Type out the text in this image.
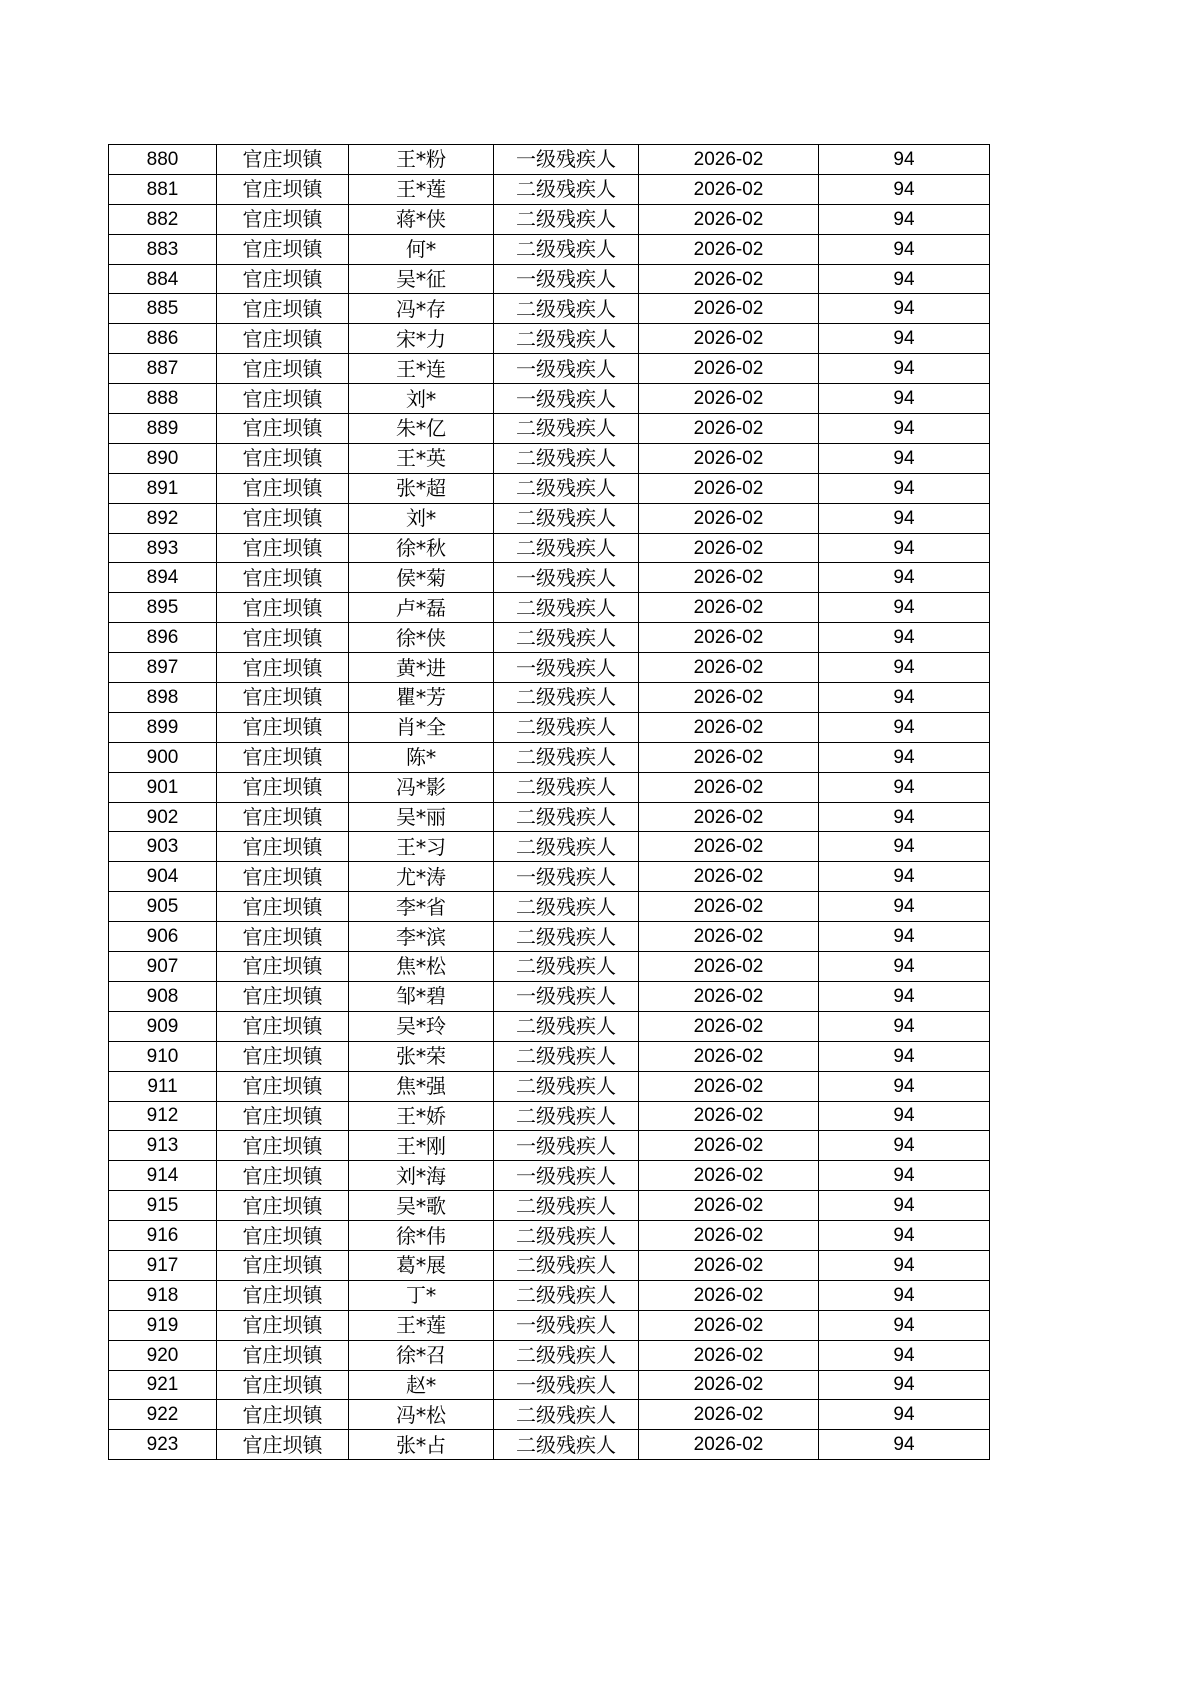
880	官庄坝镇	王*粉	一级残疾人	2026-02	94
881	官庄坝镇	王*莲	二级残疾人	2026-02	94
882	官庄坝镇	蒋*侠	二级残疾人	2026-02	94
883	官庄坝镇	何*	二级残疾人	2026-02	94
884	官庄坝镇	吴*征	一级残疾人	2026-02	94
885	官庄坝镇	冯*存	二级残疾人	2026-02	94
886	官庄坝镇	宋*力	二级残疾人	2026-02	94
887	官庄坝镇	王*连	一级残疾人	2026-02	94
888	官庄坝镇	刘*	一级残疾人	2026-02	94
889	官庄坝镇	朱*亿	二级残疾人	2026-02	94
890	官庄坝镇	王*英	二级残疾人	2026-02	94
891	官庄坝镇	张*超	二级残疾人	2026-02	94
892	官庄坝镇	刘*	二级残疾人	2026-02	94
893	官庄坝镇	徐*秋	二级残疾人	2026-02	94
894	官庄坝镇	侯*菊	一级残疾人	2026-02	94
895	官庄坝镇	卢*磊	二级残疾人	2026-02	94
896	官庄坝镇	徐*侠	二级残疾人	2026-02	94
897	官庄坝镇	黄*进	一级残疾人	2026-02	94
898	官庄坝镇	瞿*芳	二级残疾人	2026-02	94
899	官庄坝镇	肖*全	二级残疾人	2026-02	94
900	官庄坝镇	陈*	二级残疾人	2026-02	94
901	官庄坝镇	冯*影	二级残疾人	2026-02	94
902	官庄坝镇	吴*丽	二级残疾人	2026-02	94
903	官庄坝镇	王*习	二级残疾人	2026-02	94
904	官庄坝镇	尤*涛	一级残疾人	2026-02	94
905	官庄坝镇	李*省	二级残疾人	2026-02	94
906	官庄坝镇	李*滨	二级残疾人	2026-02	94
907	官庄坝镇	焦*松	二级残疾人	2026-02	94
908	官庄坝镇	邹*碧	一级残疾人	2026-02	94
909	官庄坝镇	吴*玲	二级残疾人	2026-02	94
910	官庄坝镇	张*荣	二级残疾人	2026-02	94
911	官庄坝镇	焦*强	二级残疾人	2026-02	94
912	官庄坝镇	王*娇	二级残疾人	2026-02	94
913	官庄坝镇	王*刚	一级残疾人	2026-02	94
914	官庄坝镇	刘*海	一级残疾人	2026-02	94
915	官庄坝镇	吴*歌	二级残疾人	2026-02	94
916	官庄坝镇	徐*伟	二级残疾人	2026-02	94
917	官庄坝镇	葛*展	二级残疾人	2026-02	94
918	官庄坝镇	丁*	二级残疾人	2026-02	94
919	官庄坝镇	王*莲	一级残疾人	2026-02	94
920	官庄坝镇	徐*召	二级残疾人	2026-02	94
921	官庄坝镇	赵*	一级残疾人	2026-02	94
922	官庄坝镇	冯*松	二级残疾人	2026-02	94
923	官庄坝镇	张*占	二级残疾人	2026-02	94
